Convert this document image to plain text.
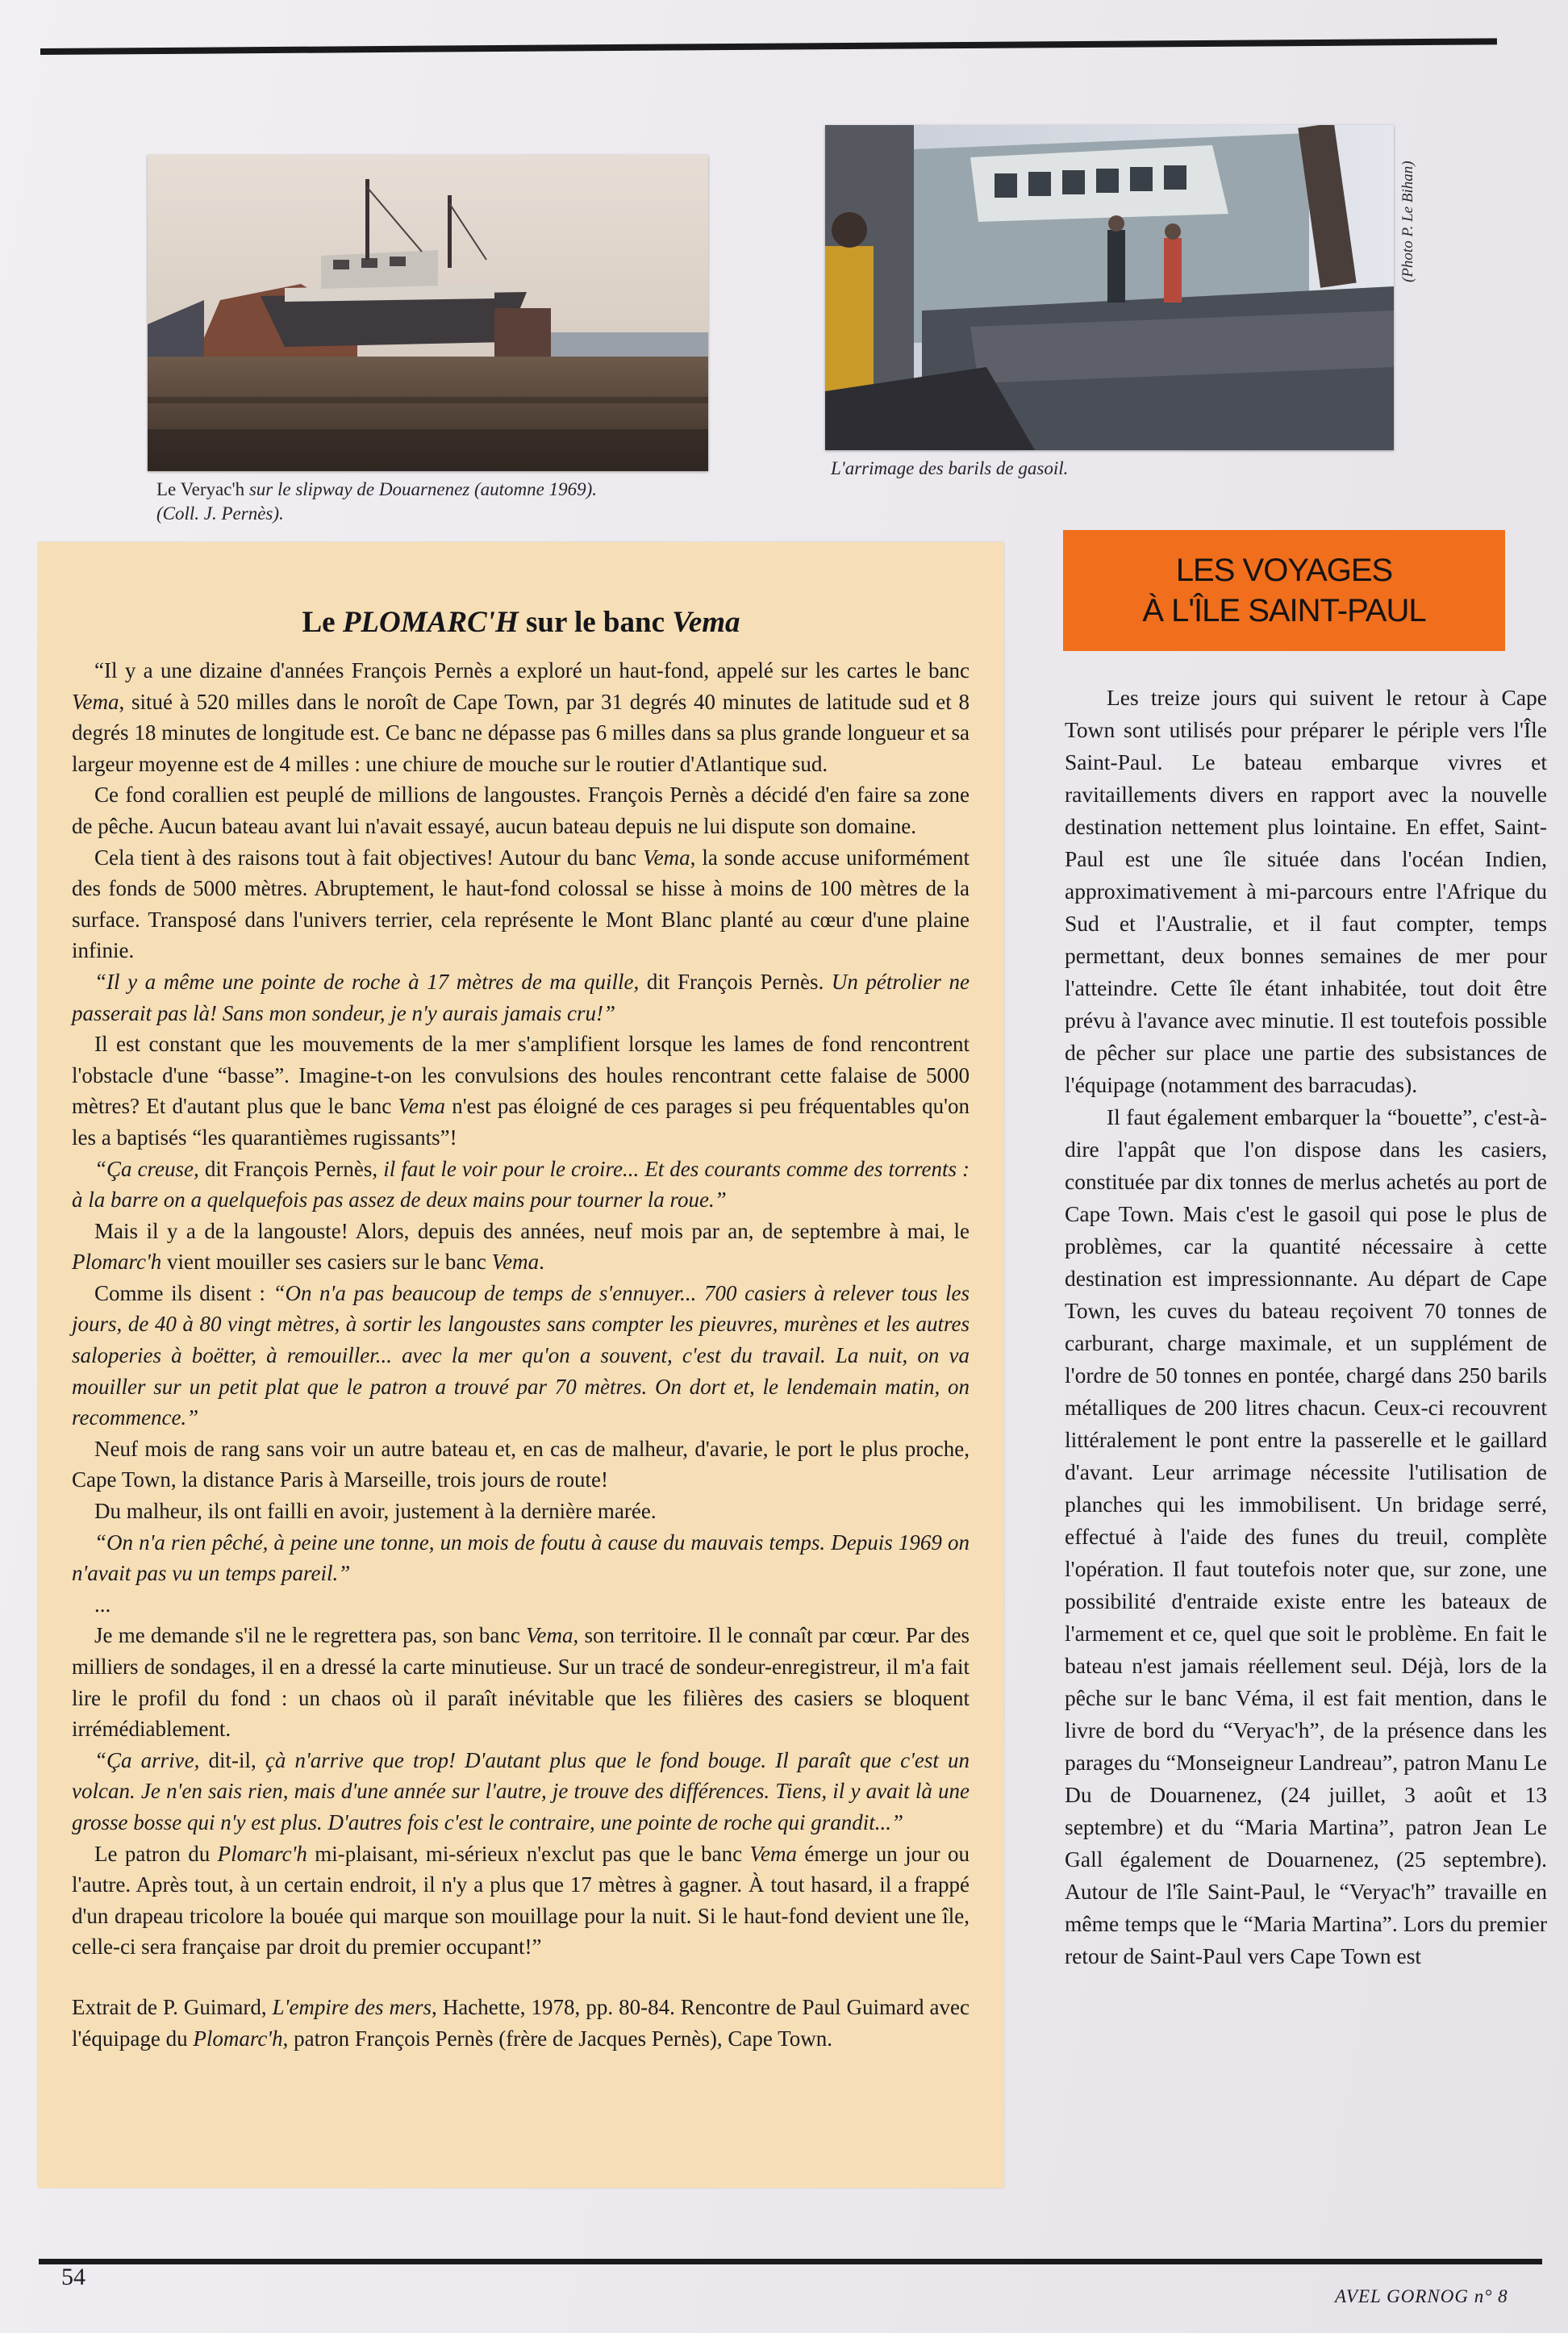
Le Veryac'h sur le slipway de Douarnenez (automne 1969).
(Coll. J. Pernès).
L'arrimage des barils de gasoil.
(Photo P. Le Bihan)
Le PLOMARC'H sur le banc Vema

“Il y a une dizaine d'années François Pernès a exploré un haut-fond, appelé sur les cartes le banc Vema, situé à 520 milles dans le noroît de Cape Town, par 31 degrés 40 minutes de latitude sud et 8 degrés 18 minutes de longitude est. Ce banc ne dépasse pas 6 milles dans sa plus grande longueur et sa largeur moyenne est de 4 milles : une chiure de mouche sur le routier d'Atlantique sud.

Ce fond corallien est peuplé de millions de langoustes. François Pernès a décidé d'en faire sa zone de pêche. Aucun bateau avant lui n'avait essayé, aucun bateau depuis ne lui dispute son domaine.

Cela tient à des raisons tout à fait objectives! Autour du banc Vema, la sonde accuse uniformément des fonds de 5000 mètres. Abruptement, le haut-fond colossal se hisse à moins de 100 mètres de la surface. Transposé dans l'univers terrier, cela représente le Mont Blanc planté au cœur d'une plaine infinie.

“Il y a même une pointe de roche à 17 mètres de ma quille, dit François Pernès. Un pétrolier ne passerait pas là! Sans mon sondeur, je n'y aurais jamais cru!”

Il est constant que les mouvements de la mer s'amplifient lorsque les lames de fond rencontrent l'obstacle d'une “basse”. Imagine-t-on les convulsions des houles rencontrant cette falaise de 5000 mètres? Et d'autant plus que le banc Vema n'est pas éloigné de ces parages si peu fréquentables qu'on les a baptisés “les quarantièmes rugissants”!

“Ça creuse, dit François Pernès, il faut le voir pour le croire... Et des courants comme des torrents : à la barre on a quelquefois pas assez de deux mains pour tourner la roue.”

Mais il y a de la langouste! Alors, depuis des années, neuf mois par an, de septembre à mai, le Plomarc'h vient mouiller ses casiers sur le banc Vema.

Comme ils disent : “On n'a pas beaucoup de temps de s'ennuyer... 700 casiers à relever tous les jours, de 40 à 80 vingt mètres, à sortir les langoustes sans compter les pieuvres, murènes et les autres saloperies à boëtter, à remouiller... avec la mer qu'on a souvent, c'est du travail. La nuit, on va mouiller sur un petit plat que le patron a trouvé par 70 mètres. On dort et, le lendemain matin, on recommence.”

Neuf mois de rang sans voir un autre bateau et, en cas de malheur, d'avarie, le port le plus proche, Cape Town, la distance Paris à Marseille, trois jours de route!

Du malheur, ils ont failli en avoir, justement à la dernière marée.

“On n'a rien pêché, à peine une tonne, un mois de foutu à cause du mauvais temps. Depuis 1969 on n'avait pas vu un temps pareil.”

...

Je me demande s'il ne le regrettera pas, son banc Vema, son territoire. Il le connaît par cœur. Par des milliers de sondages, il en a dressé la carte minutieuse. Sur un tracé de sondeur-enregistreur, il m'a fait lire le profil du fond : un chaos où il paraît inévitable que les filières des casiers se bloquent irrémédiablement.

“Ça arrive, dit-il, çà n'arrive que trop! D'autant plus que le fond bouge. Il paraît que c'est un volcan. Je n'en sais rien, mais d'une année sur l'autre, je trouve des différences. Tiens, il y avait là une grosse bosse qui n'y est plus. D'autres fois c'est le contraire, une pointe de roche qui grandit...”

Le patron du Plomarc'h mi-plaisant, mi-sérieux n'exclut pas que le banc Vema émerge un jour ou l'autre. Après tout, à un certain endroit, il n'y a plus que 17 mètres à gagner. À tout hasard, il a frappé d'un drapeau tricolore la bouée qui marque son mouillage pour la nuit. Si le haut-fond devient une île, celle-ci sera française par droit du premier occupant!”

Extrait de P. Guimard, L'empire des mers, Hachette, 1978, pp. 80-84. Rencontre de Paul Guimard avec l'équipage du Plomarc'h, patron François Pernès (frère de Jacques Pernès), Cape Town.

LES VOYAGES
À L'ÎLE SAINT-PAUL

Les treize jours qui suivent le retour à Cape Town sont utilisés pour préparer le périple vers l'Île Saint-Paul. Le bateau embarque vivres et ravitaillements divers en rapport avec la nouvelle destination nettement plus lointaine. En effet, Saint-Paul est une île située dans l'océan Indien, approximativement à mi-parcours entre l'Afrique du Sud et l'Australie, et il faut compter, temps permettant, deux bonnes semaines de mer pour l'atteindre. Cette île étant inhabitée, tout doit être prévu à l'avance avec minutie. Il est toutefois possible de pêcher sur place une partie des subsistances de l'équipage (notamment des barracudas).

Il faut également embarquer la “bouette”, c'est-à-dire l'appât que l'on dispose dans les casiers, constituée par dix tonnes de merlus achetés au port de Cape Town. Mais c'est le gasoil qui pose le plus de problèmes, car la quantité nécessaire à cette destination est impressionnante. Au départ de Cape Town, les cuves du bateau reçoivent 70 tonnes de carburant, charge maximale, et un supplément de l'ordre de 50 tonnes en pontée, chargé dans 250 barils métalliques de 200 litres chacun. Ceux-ci recouvrent littéralement le pont entre la passerelle et le gaillard d'avant. Leur arrimage nécessite l'utilisation de planches qui les immobilisent. Un bridage serré, effectué à l'aide des funes du treuil, complète l'opération. Il faut toutefois noter que, sur zone, une possibilité d'entraide existe entre les bateaux de l'armement et ce, quel que soit le problème. En fait le bateau n'est jamais réellement seul. Déjà, lors de la pêche sur le banc Véma, il est fait mention, dans le livre de bord du “Veryac'h”, de la présence dans les parages du “Monseigneur Landreau”, patron Manu Le Du de Douarnenez, (24 juillet, 3 août et 13 septembre) et du “Maria Martina”, patron Jean Le Gall également de Douarnenez, (25 septembre). Autour de l'île Saint-Paul, le “Veryac'h” travaille en même temps que le “Maria Martina”. Lors du premier retour de Saint-Paul vers Cape Town est

54
AVEL GORNOG n° 8
